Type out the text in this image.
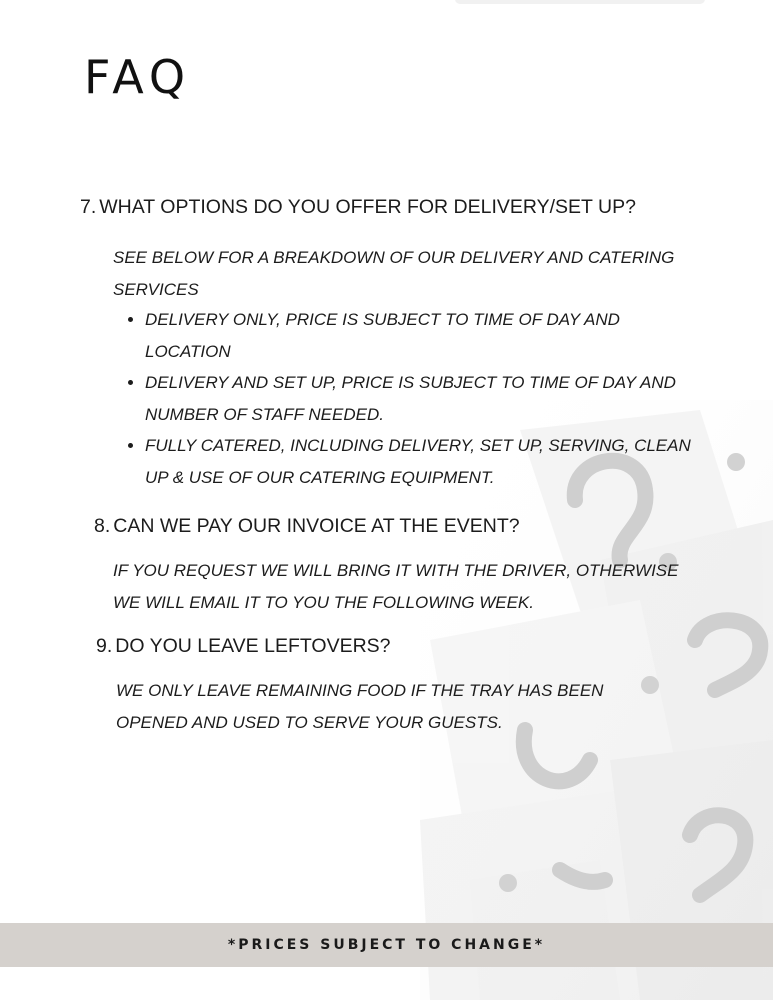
FAQ
7. WHAT OPTIONS DO YOU OFFER FOR DELIVERY/SET UP?
SEE BELOW FOR A BREAKDOWN OF OUR DELIVERY AND CATERING
SERVICES
• DELIVERY ONLY, PRICE IS SUBJECT TO TIME OF DAY AND LOCATION
• DELIVERY AND SET UP, PRICE IS SUBJECT TO TIME OF DAY AND NUMBER OF STAFF NEEDED.
• FULLY CATERED, INCLUDING DELIVERY, SET UP, SERVING, CLEAN UP & USE OF OUR CATERING EQUIPMENT.
8. CAN WE PAY OUR INVOICE AT THE EVENT?
IF YOU REQUEST WE WILL BRING IT WITH THE DRIVER, OTHERWISE
WE WILL EMAIL IT TO YOU THE FOLLOWING WEEK.
9. DO YOU LEAVE LEFTOVERS?
WE ONLY LEAVE REMAINING FOOD IF THE TRAY HAS BEEN
OPENED AND USED TO SERVE YOUR GUESTS.
*PRICES SUBJECT TO CHANGE*
